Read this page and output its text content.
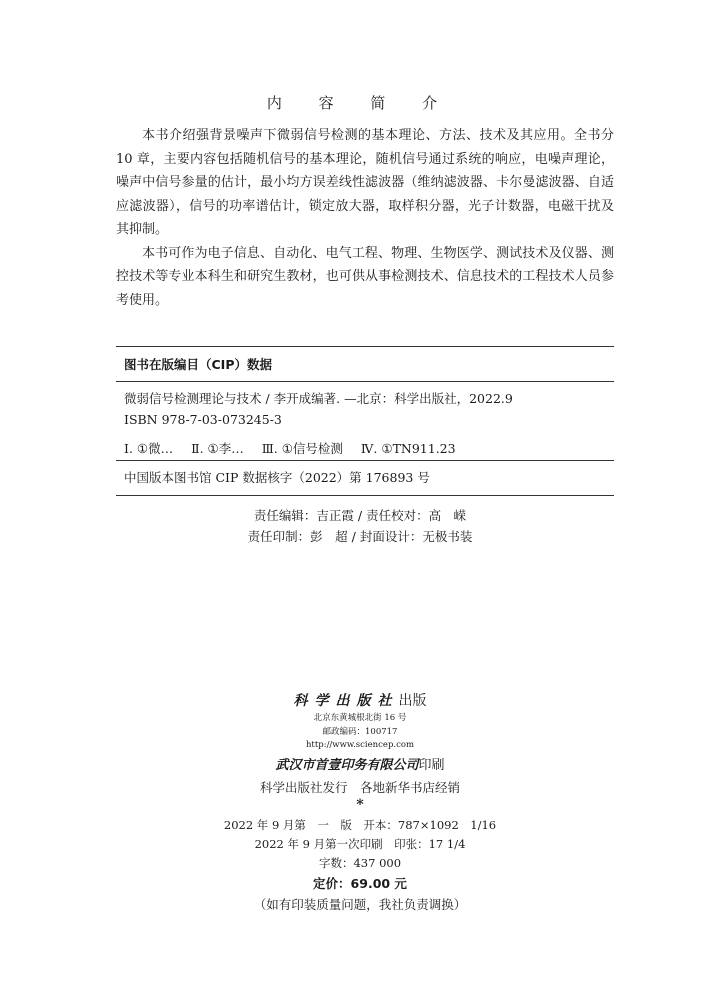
内 容 简 介

本书介绍强背景噪声下微弱信号检测的基本理论、方法、技术及其应用。全书分 10 章，主要内容包括随机信号的基本理论，随机信号通过系统的响应，电噪声理论，噪声中信号参量的估计，最小均方误差线性滤波器（维纳滤波器、卡尔曼滤波器、自适应滤波器），信号的功率谱估计，锁定放大器，取样积分器，光子计数器，电磁干扰及其抑制。

本书可作为电子信息、自动化、电气工程、物理、生物医学、测试技术及仪器、测控技术等专业本科生和研究生教材，也可供从事检测技术、信息技术的工程技术人员参考使用。

图书在版编目（CIP）数据
微弱信号检测理论与技术 / 李开成编著. —北京：科学出版社，2022.9
ISBN 978-7-03-073245-3
Ⅰ. ①微… Ⅱ. ①李… Ⅲ. ①信号检测 Ⅳ. ①TN911.23
中国版本图书馆 CIP 数据核字（2022）第 176893 号
责任编辑：吉正霞 / 责任校对：高　嵘
责任印制：彭　超 / 封面设计：无极书装
科学出版社出版
北京东黄城根北街 16 号
邮政编码：100717
http://www.sciencep.com
武汉市首壹印务有限公司印刷
科学出版社发行　各地新华书店经销
*
2022 年 9 月第　一　版　开本：787×1092　1/16
2022 年 9 月第一次印刷　印张：17 1/4
字数：437 000
定价：69.00 元
（如有印装质量问题，我社负责调换）
